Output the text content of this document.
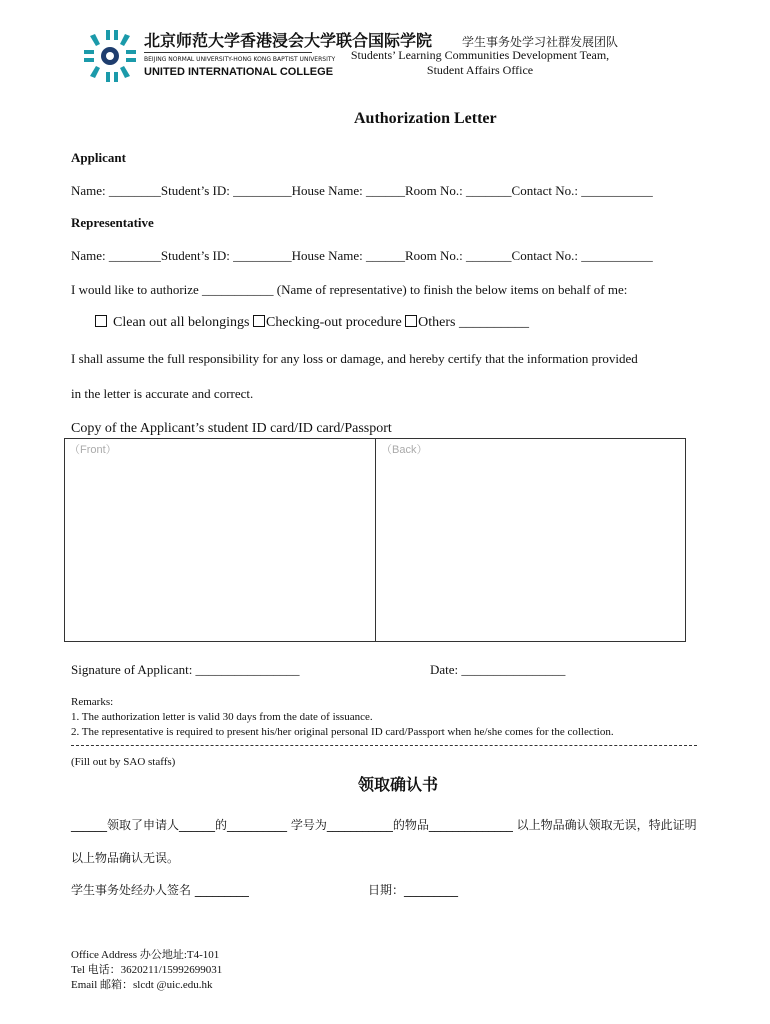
北京师范大学香港浸会大学联合国际学院
BEIJING NORMAL UNIVERSITY-HONG KONG BAPTIST UNIVERSITY
UNITED INTERNATIONAL COLLEGE
学生事务处学习社群发展团队
Students’ Learning Communities Development Team,
Student Affairs Office
Authorization Letter
Applicant
Name: ________Student’s ID: _________House Name: ______Room No.: _______Contact No.: ___________
Representative
Name: ________Student’s ID: _________House Name: ______Room No.: _______Contact No.: ___________
I would like to authorize ___________ (Name of representative) to finish the below items on behalf of me:
Clean out all belongings Checking-out procedure Others __________
I shall assume the full responsibility for any loss or damage, and hereby certify that the information provided
in the letter is accurate and correct.
Copy of the Applicant’s student ID card/ID card/Passport
（Front）	（Back）
Signature of Applicant: ________________	Date: ________________
Remarks:
1. The authorization letter is valid 30 days from the date of issuance.
2. The representative is required to present his/her original personal ID card/Passport when he/she comes for the collection.
(Fill out by SAO staffs)
领取确认书
______领取了申请人______的__________ 学号为___________的物品______________ 以上物品确认领取无误，特此证明
以上物品确认无误。
学生事务处经办人签名 _________	日期：_________
Office Address 办公地址:T4-101
Tel 电话：3620211/15992699031
Email 邮箱：slcdt @uic.edu.hk
